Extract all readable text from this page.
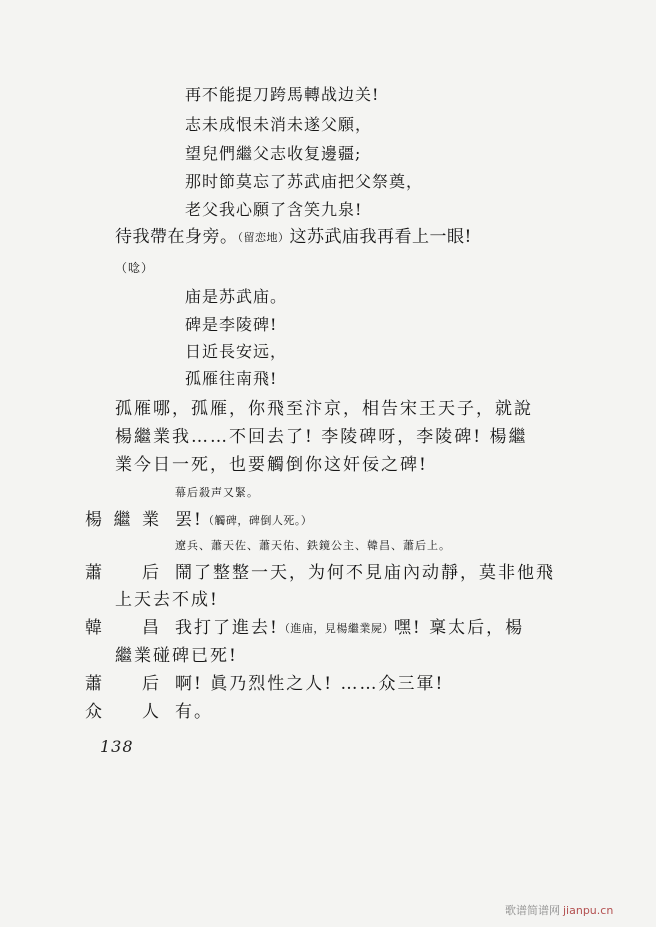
再不能提刀跨馬轉战边关!
志未成恨未消未遂父願，
望兒們繼父志收复邊疆;
那时節莫忘了苏武庙把父祭奠，
老父我心願了含笑九泉!
待我帶在身旁。（留恋地）这苏武庙我再看上一眼!
（唸）
庙是苏武庙。
碑是李陵碑!
日近長安远，
孤雁往南飛!
孤雁哪，孤雁，你飛至汴京，相告宋王天子，就說
楊繼業我……不回去了! 李陵碑呀，李陵碑! 楊繼
業今日一死，也要觸倒你这奸佞之碑!
幕后殺声又緊。
楊繼業 罢!（觸碑，碑倒人死。）
遼兵、蕭天佐、蕭天佑、鉄鏡公主、韓昌、蕭后上。
蕭后 鬧了整整一天，为何不見庙內动靜，莫非他飛
上天去不成!
韓昌 我打了進去!（進庙，見楊繼業屍）嘿! 稟太后，楊
繼業碰碑已死!
蕭后 啊! 眞乃烈性之人! ……众三軍!
众人 有。
138
歌谱简谱网 jianpu.cn
